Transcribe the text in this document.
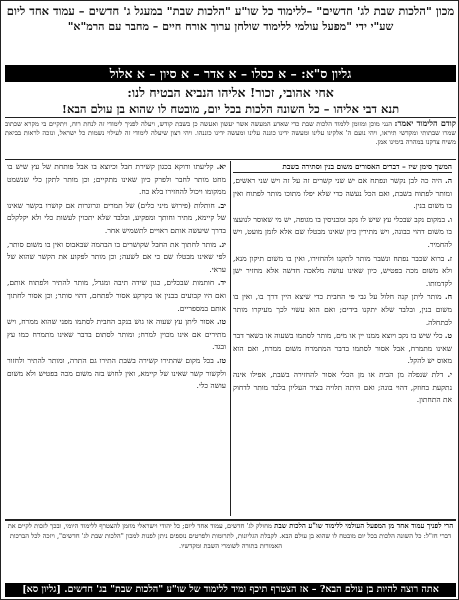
מכון "הלכות שבת לג' חדשים" –ללימוד כל שו"ע "הלכות שבת" במעגל ג' חדשים – עמוד אחד ליום
שע"י ידי "מפעל עולמי ללימוד שולחן ערוך אורח חיים – מחבר עם הרמ"א"
גליון ס"א: – א כסלו – א אדר – א סיון – א אלול
אחי אהובי, זכור! אליהו הנביא הבטיח לנו:
תנא דבי אליהו – כל השונה הלכות בכל יום, מובטח לו שהוא בן עולם הבא!
קודם הלימוד יאמר: הנני מוכן ומזומן ללמוד הלכות שבת כדי שאדע המעשה אשר יעשון ואעשה כן בשבת קודש, ויעלה לפניך לימודי זה לנחת רוח, ויתקיים בי מקרא שכתוב שמרו שבתותי ומקדשי תיראו, ויהי נועם ה' אלקינו עלינו ומעשה ידינו כוננה עלינו ומעשה ידינו כוננהו. ויהי רצון שיעלה לימודי זה לעילוי נשמות כל ישראל, ונזכה לראות בביאת משיח צדקנו במהרה בימינו אמן.
המשך סימן שיז – דברים האסורים משום בנין וסתירה בשבת

ה. היה כה לבן נקשר ונפתח אם יש שני קשרים זה על זה ויש שני ראשים, ומותר לפתוח בשבת, ואם הכל נעשה כדי שלא יפלו מתוכו מותר לפתוח ואין בו משום בנין.

ו. במקום נקב שבכלי עץ שיש לו נקב ומכניסין בו מגופה, יש מי שאוסר לנועצו בו משום דהוי כבונה, ויש מתירין כיון שאינו מבטלו שם אלא לזמן מועט, ויש להחמיר.

ז. ברוא שכבר נפתח ונשבר מותר לתקנו ולהחזירו, ואין בו משום תיקון מנא, ולא משום מכה בפטיש, כיון שאינו עושה מלאכה חדשה אלא מחזיר ישן לקדמותו.

ח. מותר ליתן קנה חלול על גבי פי החבית כדי שיצא היין דרך בו, ואין בו משום בנין, ובלבד שלא יתקנו בידים; ואם הוא עשוי לכך מעיקרו מותר לכתחלה.

ט. כלי שיש בו נקב ויוצא ממנו יין או מים, מותר לסתמו בשעוה או בשאר דבר שאינו מתמרח, אבל אסור לסתמו בדבר המתמרח משום ממרח, ואם הוא מאוס יש להקל.

י. דלת שנפלה מן הבית או מן הכלי אסור להחזירה בשבת, אפילו אינה נתקעת בחוזק, דהוי בונה; ואם היתה תלויה בציר העליון בלבד מותר לדחוק את התחתון.

יא. קליעתו ודוקא בכגון קשירת חבל וכיוצא בו אבל פותחת של עץ שיש בו מחט מותר לחבר ולפרק כיון שאינו מתקיים; וכן מותר לתקן כלי שנשמט ממקומו ויכול להחזירו בלא כח.

יב. חותלות (פירוש מיני כלים) של תמרים וגרוגרות אם קושרו בקשר שאינו של קיימא, מתיר וחותך ומפקיע, ובלבד שלא יתכוין לעשות כלי ולא יקלקלם בדרך שיעשה אותם ראויים לתשמיש אחר.

יג. מותר לחתוך את החבל שקושרים בו הבהמה שבאבוס ואין בו משום סותר, לפי שאינו מבטלו שם כי אם לשעה; וכן מותר לפקוע את הקשר שהוא של עראי.

יד. חותמות שבכלים, כגון שידה תיבה ומגדל, מותר להתיר ולפתוח אותם, ואם היו קבועים בבנין או בקרקע אסור לפתחם, דהוי סותר; וכן אסור לחתוך אותם במספריים.

טו. אסור ליתן עץ שעוה או גוש בנקב החבית לסתמו מפני שהוא ממרח, ויש מתירים אם אינו מכוין למרח; ומותר לסתום בדבר שאינו מתמרח כמו עץ ובגד.

טז. בכל מקום שהתירו קשירה בשבת התירו גם התרה, ומותר להתיר ולחזור ולקשור קשר שאינו של קיימא, ואין לחוש בזה משום מכה בפטיש ולא משום עושה כלי.

הרי לפניך עמוד אחד מן המפעל העולמי ללימוד שו"ע הלכות שבת מחולק לג' חדשים, עמוד אחד ליום; כל יהודי וישראלי מוזמן להצטרף ללימוד היומי, ובכך לזכות לקיים את דברי חז"ל: כל השונה הלכות בכל יום מובטח לו שהוא בן עולם הבא. לקבלת הגליונות, לתרומות ולפרטים נוספים ניתן לפנות למכון "הלכות שבת לג' חדשים", ויזכה לכל הברכות האמורות בתורה לשומרי השבת ומקדשיו.
אתה רוצה להיות בן עולם הבא? – אז הצטרף תיכף ומיד ללימוד של שו"ע "הלכות שבת" בג' חדשים. [גליון סא]
